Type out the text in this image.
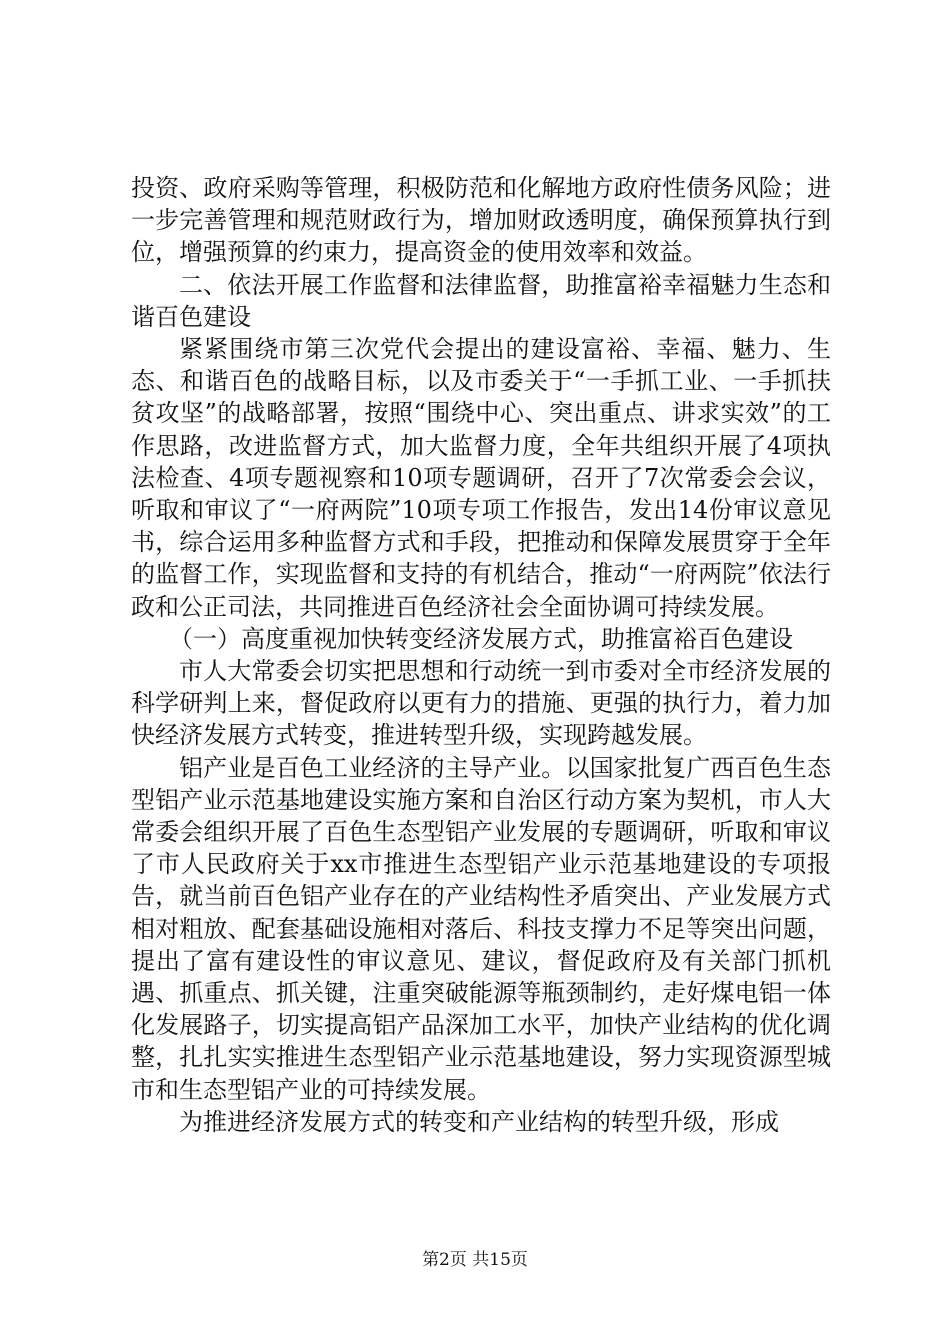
投资、政府采购等管理，积极防范和化解地方政府性债务风险；进一步完善管理和规范财政行为，增加财政透明度，确保预算执行到位，增强预算的约束力，提高资金的使用效率和效益。

二、依法开展工作监督和法律监督，助推富裕幸福魅力生态和谐百色建设

紧紧围绕市第三次党代会提出的建设富裕、幸福、魅力、生态、和谐百色的战略目标，以及市委关于“一手抓工业、一手抓扶贫攻坚”的战略部署，按照“围绕中心、突出重点、讲求实效”的工作思路，改进监督方式，加大监督力度，全年共组织开展了4项执法检查、4项专题视察和10项专题调研，召开了7次常委会会议，听取和审议了“一府两院”10项专项工作报告，发出14份审议意见书，综合运用多种监督方式和手段，把推动和保障发展贯穿于全年的监督工作，实现监督和支持的有机结合，推动“一府两院”依法行政和公正司法，共同推进百色经济社会全面协调可持续发展。

（一）高度重视加快转变经济发展方式，助推富裕百色建设

市人大常委会切实把思想和行动统一到市委对全市经济发展的科学研判上来，督促政府以更有力的措施、更强的执行力，着力加快经济发展方式转变，推进转型升级，实现跨越发展。

铝产业是百色工业经济的主导产业。以国家批复广西百色生态型铝产业示范基地建设实施方案和自治区行动方案为契机，市人大常委会组织开展了百色生态型铝产业发展的专题调研，听取和审议了市人民政府关于xx市推进生态型铝产业示范基地建设的专项报告，就当前百色铝产业存在的产业结构性矛盾突出、产业发展方式相对粗放、配套基础设施相对落后、科技支撑力不足等突出问题，提出了富有建设性的审议意见、建议，督促政府及有关部门抓机遇、抓重点、抓关键，注重突破能源等瓶颈制约，走好煤电铝一体化发展路子，切实提高铝产品深加工水平，加快产业结构的优化调整，扎扎实实推进生态型铝产业示范基地建设，努力实现资源型城市和生态型铝产业的可持续发展。

为推进经济发展方式的转变和产业结构的转型升级，形成

第2页 共15页
